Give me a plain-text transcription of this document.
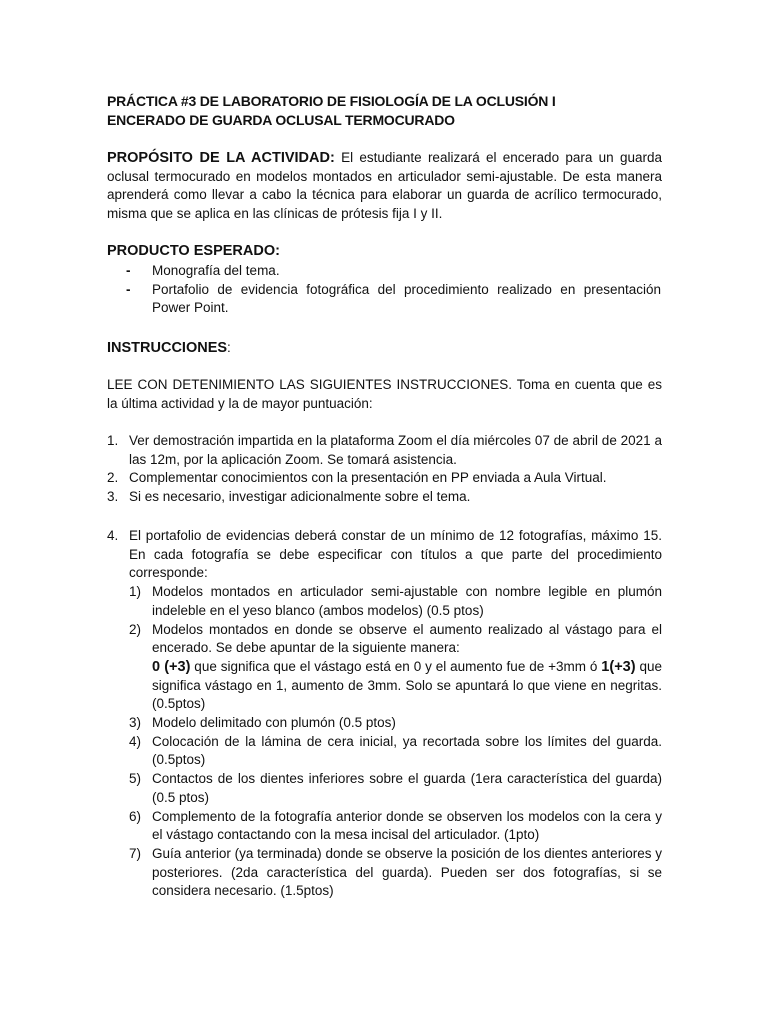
PRÁCTICA #3 DE LABORATORIO DE FISIOLOGÍA DE LA OCLUSIÓN I
ENCERADO DE GUARDA OCLUSAL TERMOCURADO

PROPÓSITO DE LA ACTIVIDAD: El estudiante realizará el encerado para un guarda oclusal termocurado en modelos montados en articulador semi-ajustable. De esta manera aprenderá como llevar a cabo la técnica para elaborar un guarda de acrílico termocurado, misma que se aplica en las clínicas de prótesis fija I y II.

PRODUCTO ESPERADO:
- Monografía del tema.
- Portafolio de evidencia fotográfica del procedimiento realizado en presentación Power Point.
INSTRUCCIONES:

LEE CON DETENIMIENTO LAS SIGUIENTES INSTRUCCIONES. Toma en cuenta que es la última actividad y la de mayor puntuación:

1. Ver demostración impartida en la plataforma Zoom el día miércoles 07 de abril de 2021 a las 12m, por la aplicación Zoom. Se tomará asistencia.
2. Complementar conocimientos con la presentación en PP enviada a Aula Virtual.
3. Si es necesario, investigar adicionalmente sobre el tema.
4. El portafolio de evidencias deberá constar de un mínimo de 12 fotografías, máximo 15. En cada fotografía se debe especificar con títulos a que parte del procedimiento corresponde:
1) Modelos montados en articulador semi-ajustable con nombre legible en plumón indeleble en el yeso blanco (ambos modelos) (0.5 ptos)
2) Modelos montados en donde se observe el aumento realizado al vástago para el encerado. Se debe apuntar de la siguiente manera:
0 (+3) que significa que el vástago está en 0 y el aumento fue de +3mm ó 1(+3) que significa vástago en 1, aumento de 3mm. Solo se apuntará lo que viene en negritas. (0.5ptos)
3) Modelo delimitado con plumón (0.5 ptos)
4) Colocación de la lámina de cera inicial, ya recortada sobre los límites del guarda. (0.5ptos)
5) Contactos de los dientes inferiores sobre el guarda (1era característica del guarda) (0.5 ptos)
6) Complemento de la fotografía anterior donde se observen los modelos con la cera y el vástago contactando con la mesa incisal del articulador. (1pto)
7) Guía anterior (ya terminada) donde se observe la posición de los dientes anteriores y posteriores. (2da característica del guarda). Pueden ser dos fotografías, si se considera necesario. (1.5ptos)
